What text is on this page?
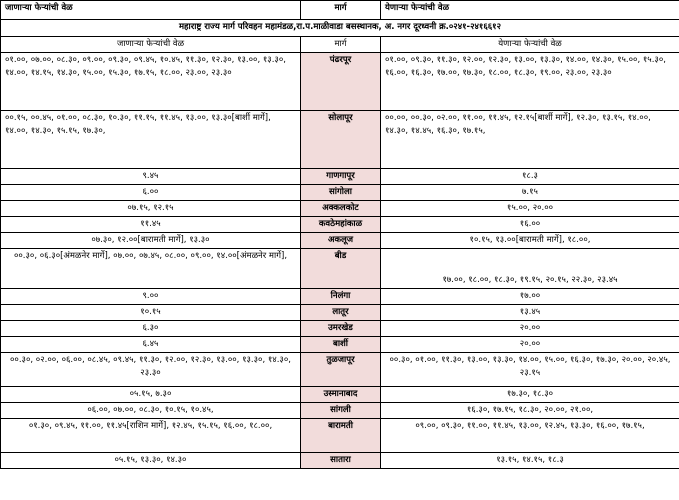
जाणाऱ्या फेऱ्यांची वेळ	मार्ग	येणाऱ्या फेऱ्यांची वेळ
महाराष्ट्र राज्य मार्ग परिवहन महामंडळ,रा.प.माळीवाडा बसस्थानक, अ. नगर दूरध्वनी क्र.०२४१-२४१६६१२		
जाणाऱ्या फेऱ्यांची वेळ	मार्ग	येणाऱ्या फेऱ्यांची वेळ
०१.००, ०७.००, ०८.३०, ०९.००, ०९.३०, ०९.४५, १०.४५, ११.३०, १२.३०, १३.००, १३.३०, १४.००, १४.१५, १४.३०, १५.००, १५.३०, १७.१५, १८.००, २३.००, २३.३०	पंढरपूर	०१.००, ०९.३०, ११.३०, १२.००, १२.३०, १३.००, १३.३०, १४.००, १४.३०, १५.००, १५.३०, १६.००, १६.३०, १७.००, १७.३०, १८.००, १८.३०, १९.००, २३.००, २३.३०
००.१५, ००.४५, ०१.००, ०८.३०, १०.३०, ११.१५, ११.४५, १३.००, १३.३०[बार्शी मार्गे], १४.००, १४.३०, १५.१५, १७.३०,	सोलापूर	००.००, ००.३०, ०२.००, ११.००, ११.४५, १२.१५[बार्शी मार्गे], १२.३०, १३.१५, १४.००, १४.३०, १४.४५, १६.३०, १७.१५,
९.४५	गाणगापूर	१८.३
६.००	सांगोला	७.१५
०७.१५, १२.१५	अक्कलकोट	१५.००, २०.००
११.४५	कवठेमहांकाळ	१६.००
०७.३०, १२.००[बारामती मार्गे], १३.३०	अकलूज	१०.१५, १३.००[बारामती मार्गे], १८.००,
००.३०, ०६.३०[अंमळनेर मार्गे], ०७.००, ०७.४५, ०८.००, ०९.००, १४.००[अंमळनेर मार्गे],	बीड	१७.००, १८.००, १८.३०, १९.१५, २०.१५, २२.३०, २३.४५
९.००	निलंगा	१७.००
१०.१५	लातूर	१३.४५
६.३०	उमरखेड	२०.००
६.४५	बार्शी	२०.००
००.३०, ०२.००, ०६.००, ०८.४५, ०९.४५, ११.३०, १२.००, १२.३०, १३.००, १३.३०, १४.३०, २३.३०	तुळजापूर	००.३०, ०१.००, ११.३०, १३.००, १३.३०, १४.००, १५.००, १६.३०, १७.३०, २०.००, २०.४५, २३.१५
०५.१५, ७.३०	उस्मानाबाद	१७.३०, १८.३०
०६.००, ०७.००, ०८.३०, १०.१५, १०.४५,	सांगली	१६.३०, १७.१५, १८.३०, २०.००, २१.००,
०१.३०, ०९.४५, ११.००, ११.४५[राशिन मार्गे], १२.४५, १५.१५, १६.००, १८.००,	बारामती	०९.००, ०९.३०, ११.००, ११.४५, १३.००, १२.४५, १३.३०, १६.००, १७.१५,
०५.१५, १३.३०, १४.३०	सातारा	१३.१५, १४.१५, १८.३
